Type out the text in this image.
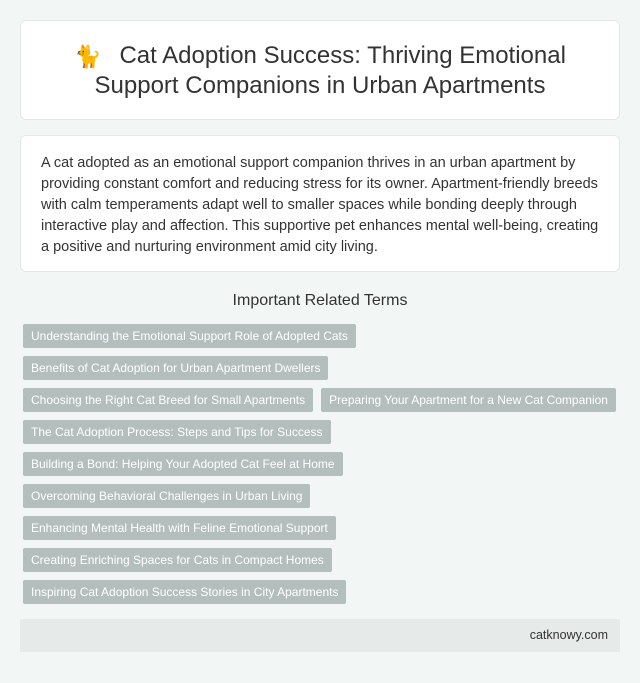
🐈 Cat Adoption Success: Thriving Emotional Support Companions in Urban Apartments

A cat adopted as an emotional support companion thrives in an urban apartment by providing constant comfort and reducing stress for its owner. Apartment-friendly breeds with calm temperaments adapt well to smaller spaces while bonding deeply through interactive play and affection. This supportive pet enhances mental well-being, creating a positive and nurturing environment amid city living.

Important Related Terms
Understanding the Emotional Support Role of Adopted Cats
Benefits of Cat Adoption for Urban Apartment Dwellers
Choosing the Right Cat Breed for Small Apartments	Preparing Your Apartment for a New Cat Companion
The Cat Adoption Process: Steps and Tips for Success
Building a Bond: Helping Your Adopted Cat Feel at Home
Overcoming Behavioral Challenges in Urban Living
Enhancing Mental Health with Feline Emotional Support
Creating Enriching Spaces for Cats in Compact Homes
Inspiring Cat Adoption Success Stories in City Apartments
catknowy.com
